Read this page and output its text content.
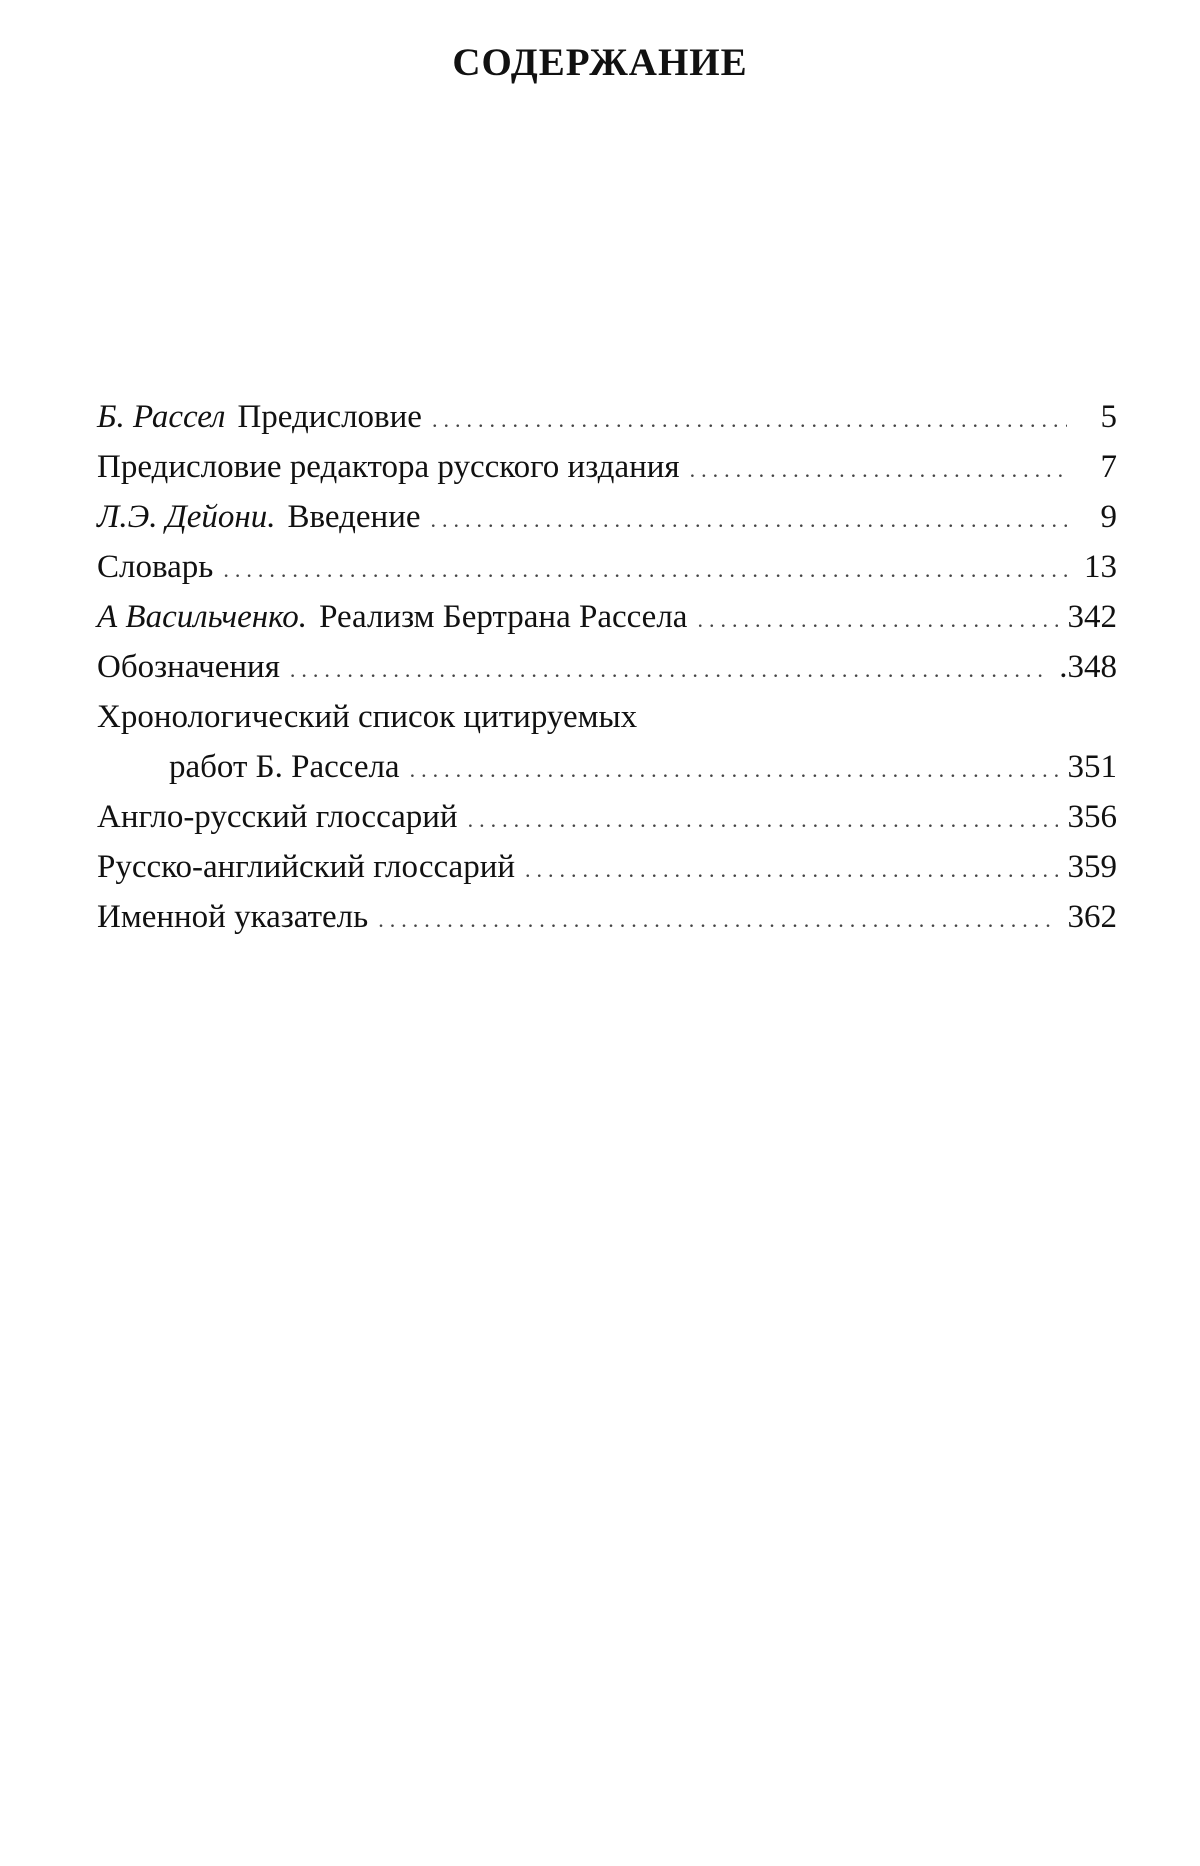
СОДЕРЖАНИЕ
Б. Рассел Предисловие .....	5
Предисловие редактора русского издания .....	7
Л.Э. Дейони. Введение .....	9
Словарь .....	13
А Васильченко. Реализм Бертрана Рассела .....	342
Обозначения .....	.348
Хронологический список цитируемых
работ Б. Рассела .....	351
Англо-русский глоссарий .....	356
Русско-английский глоссарий .....	359
Именной указатель .....	362
